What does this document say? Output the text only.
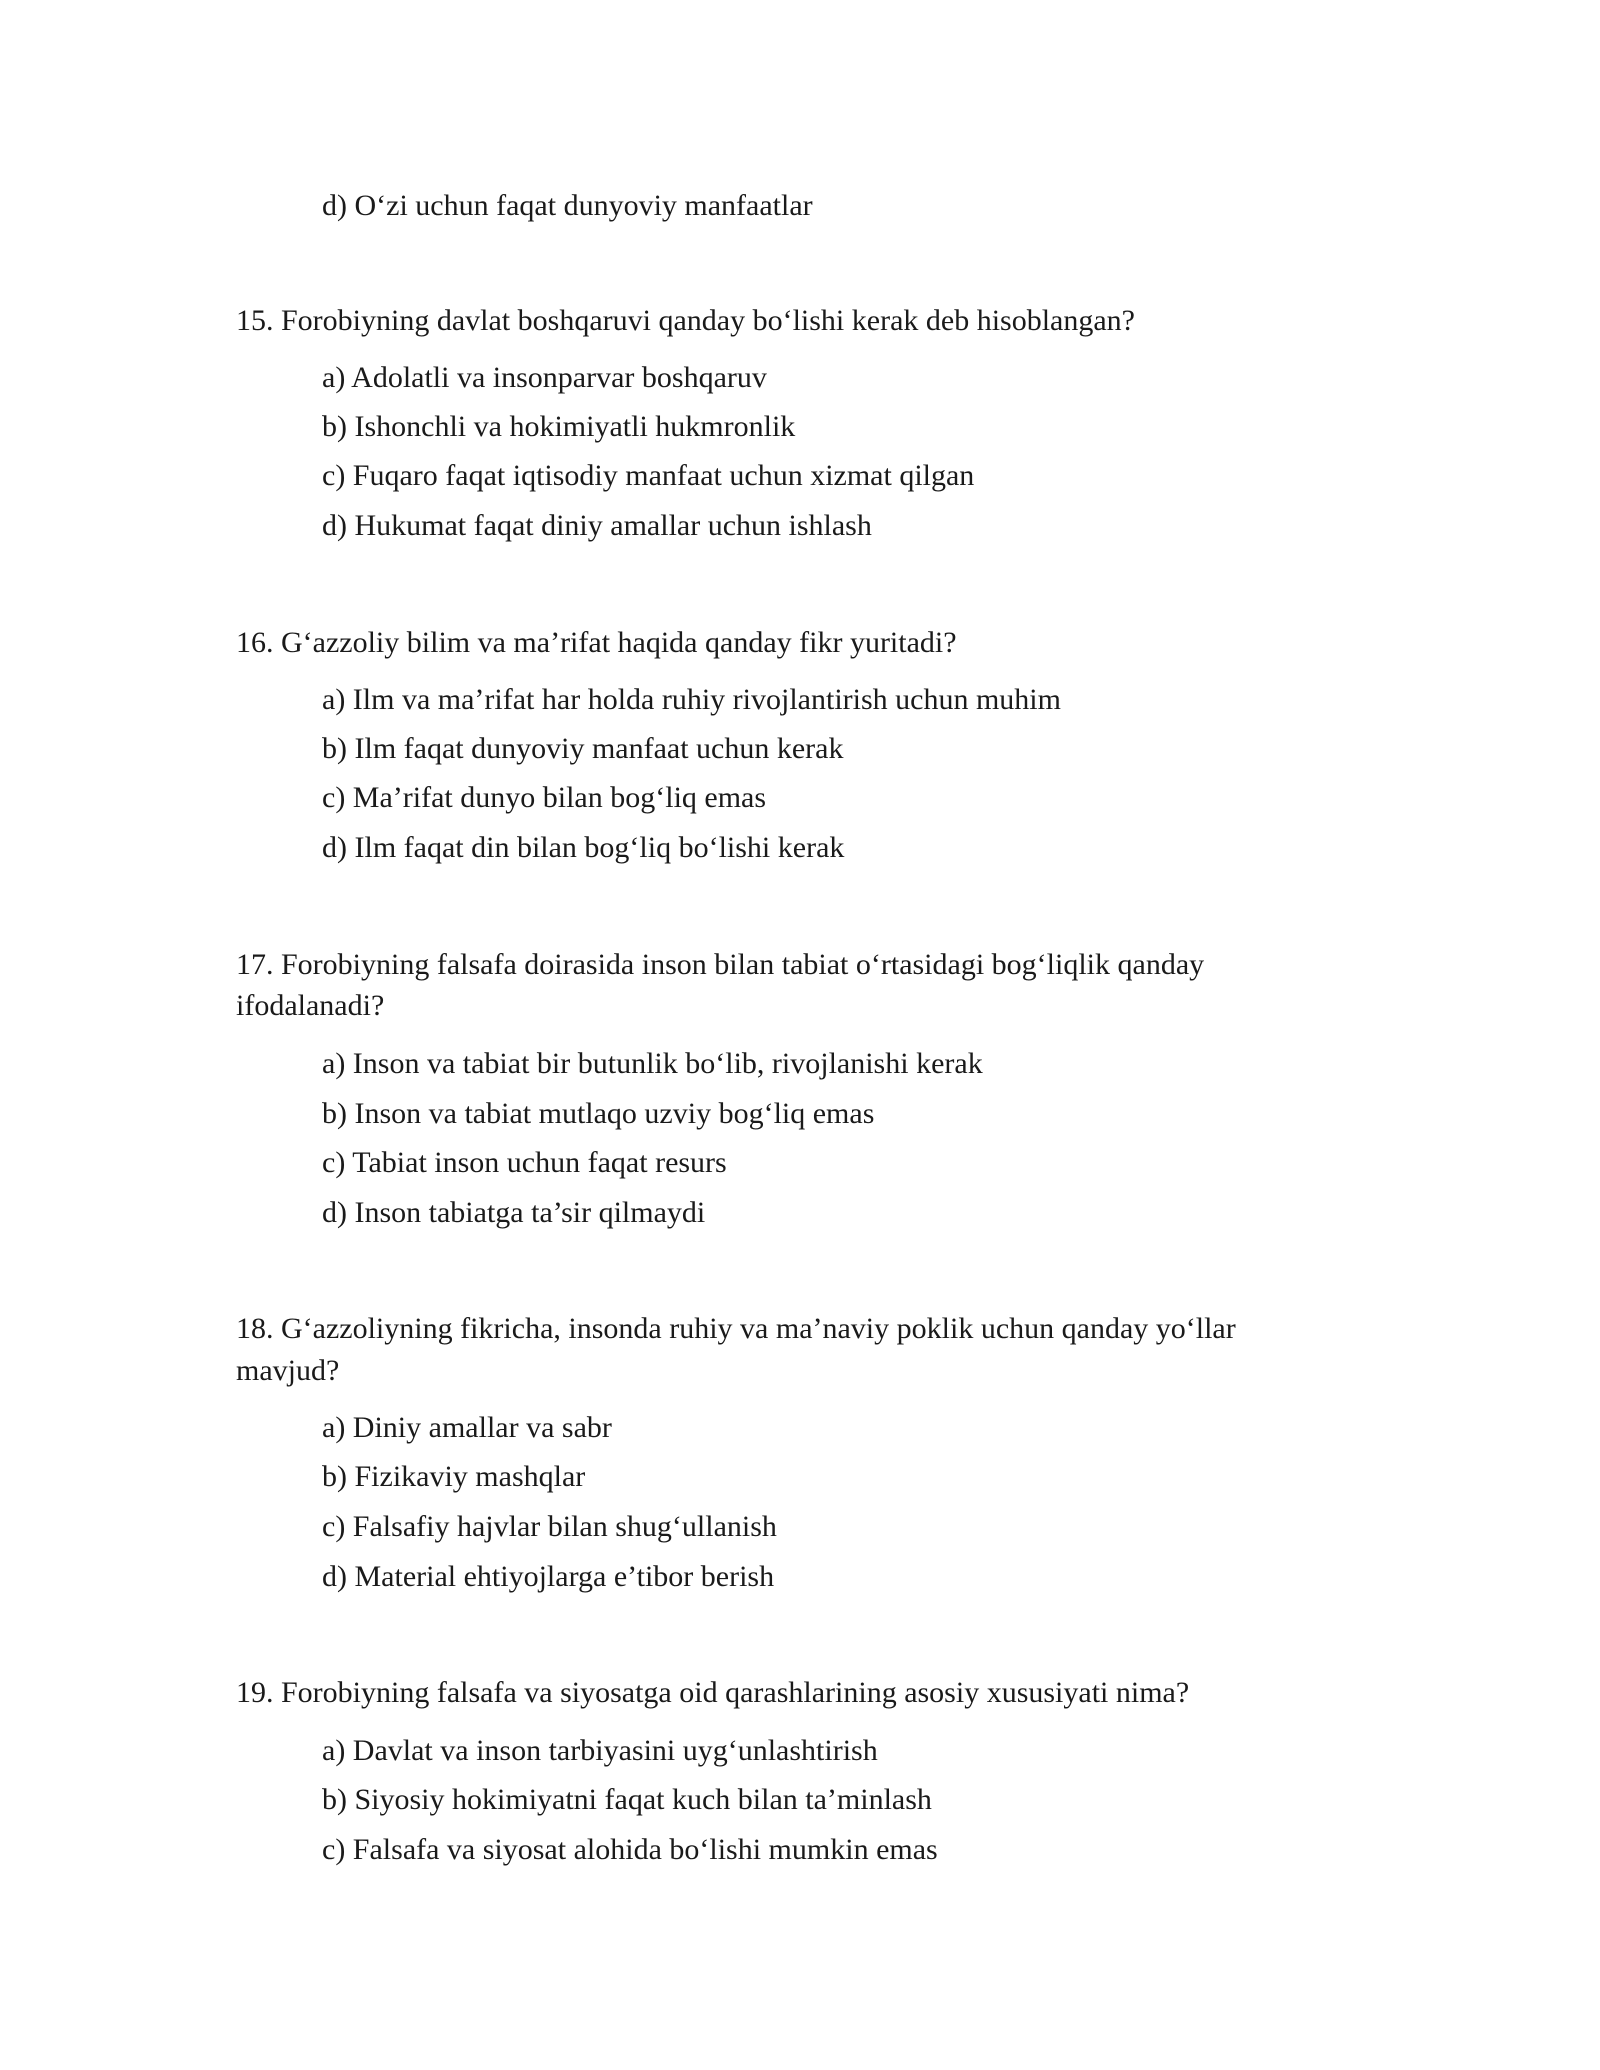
d) O‘zi uchun faqat dunyoviy manfaatlar
15. Forobiyning davlat boshqaruvi qanday bo‘lishi kerak deb hisoblangan?
a) Adolatli va insonparvar boshqaruv
b) Ishonchli va hokimiyatli hukmronlik
c) Fuqaro faqat iqtisodiy manfaat uchun xizmat qilgan
d) Hukumat faqat diniy amallar uchun ishlash
16. G‘azzoliy bilim va ma’rifat haqida qanday fikr yuritadi?
a) Ilm va ma’rifat har holda ruhiy rivojlantirish uchun muhim
b) Ilm faqat dunyoviy manfaat uchun kerak
c) Ma’rifat dunyo bilan bog‘liq emas
d) Ilm faqat din bilan bog‘liq bo‘lishi kerak
17. Forobiyning falsafa doirasida inson bilan tabiat o‘rtasidagi bog‘liqlik qanday
ifodalanadi?
a) Inson va tabiat bir butunlik bo‘lib, rivojlanishi kerak
b) Inson va tabiat mutlaqo uzviy bog‘liq emas
c) Tabiat inson uchun faqat resurs
d) Inson tabiatga ta’sir qilmaydi
18. G‘azzoliyning fikricha, insonda ruhiy va ma’naviy poklik uchun qanday yo‘llar
mavjud?
a) Diniy amallar va sabr
b) Fizikaviy mashqlar
c) Falsafiy hajvlar bilan shug‘ullanish
d) Material ehtiyojlarga e’tibor berish
19. Forobiyning falsafa va siyosatga oid qarashlarining asosiy xususiyati nima?
a) Davlat va inson tarbiyasini uyg‘unlashtirish
b) Siyosiy hokimiyatni faqat kuch bilan ta’minlash
c) Falsafa va siyosat alohida bo‘lishi mumkin emas
